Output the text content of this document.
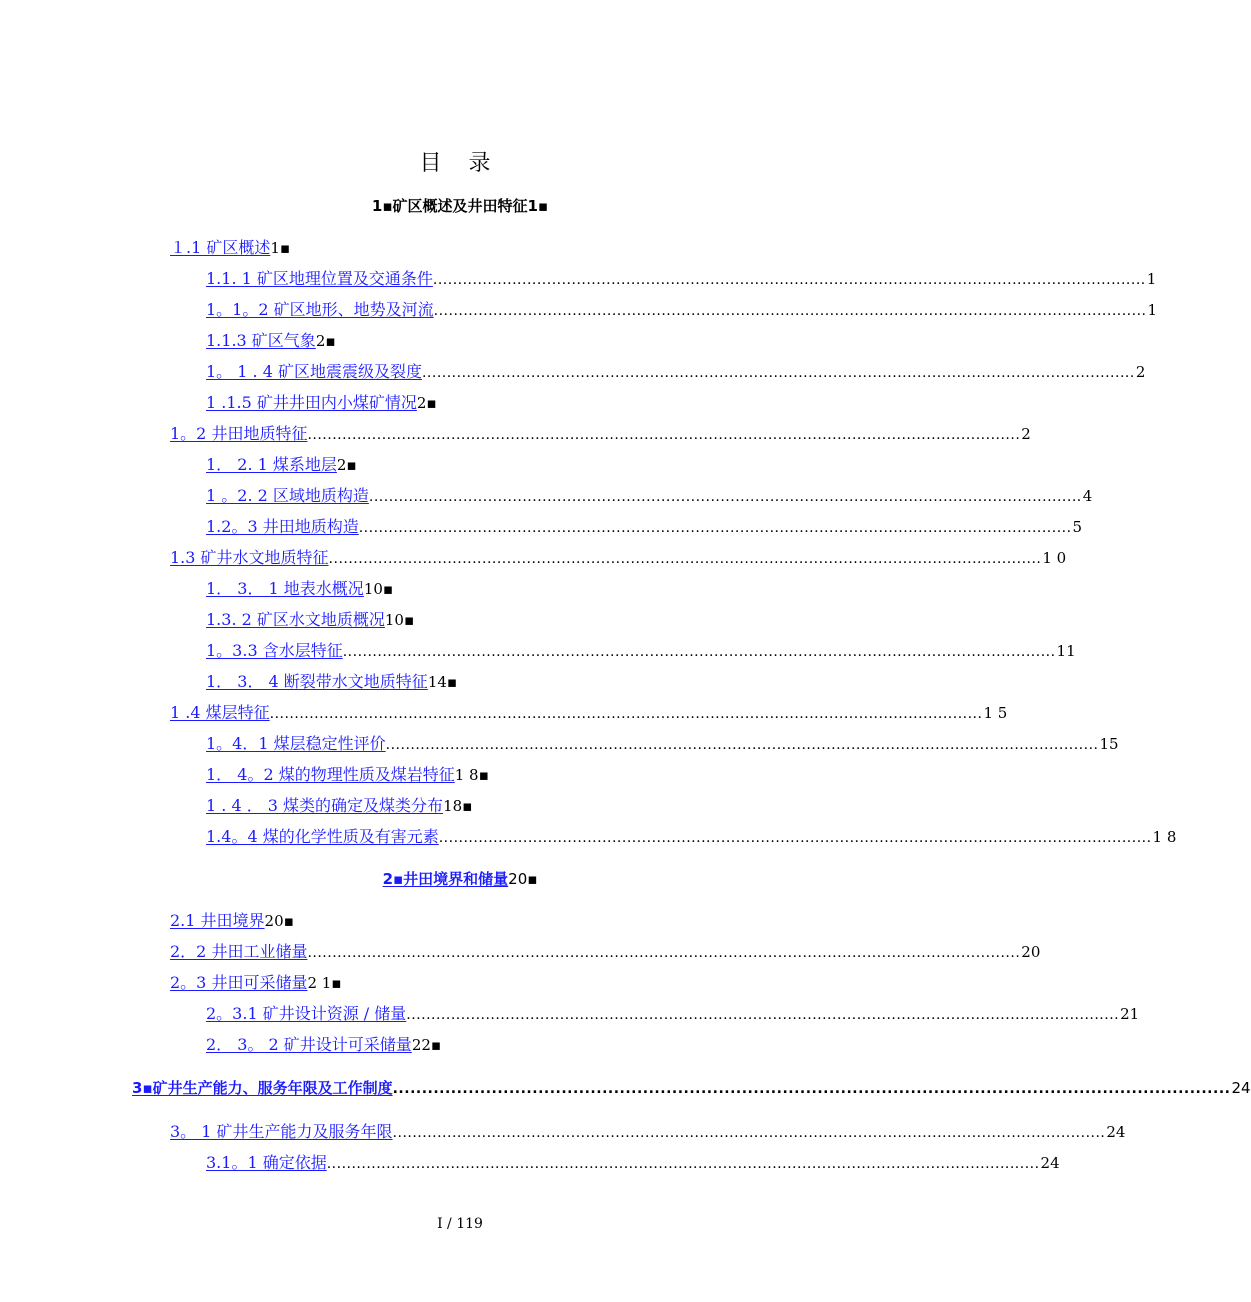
目 录
1▪矿区概述及井田特征1▪
１.1 矿区概述 1▪
1.1. 1 矿区地理位置及交通条件 ................................................................................................................................................ 1
1。1。2 矿区地形、地势及河流 ................................................................................................................................................ 1
1.1.3 矿区气象 2▪
1。 1 . 4 矿区地震震级及裂度 ................................................................................................................................................ 2
1 .1.5 矿井井田内小煤矿情况 2▪
1。2 井田地质特征 ................................................................................................................................................ 2
1． 2. 1 煤系地层 2▪
1 。2. 2 区域地质构造 ................................................................................................................................................ 4
1.2。3 井田地质构造 ................................................................................................................................................ 5
1.3 矿井水文地质特征 ................................................................................................................................................ 1 0
1． 3． 1 地表水概况 10▪
1.3. 2 矿区水文地质概况 10▪
1。3.3 含水层特征 ................................................................................................................................................ 11
1． 3． 4 断裂带水文地质特征 14▪
1 .4 煤层特征 ................................................................................................................................................ 1 5
1。4．1 煤层稳定性评价 ................................................................................................................................................ 15
1． 4。2 煤的物理性质及煤岩特征 1 8▪
1 . 4 ． 3 煤类的确定及煤类分布 18▪
1.4。4 煤的化学性质及有害元素 ................................................................................................................................................ 1 8
2▪井田境界和储量 20▪
2.1 井田境界 20▪
2．2 井田工业储量 ................................................................................................................................................ 20
2。3 井田可采储量 2 1▪
2。3.1 矿井设计资源 / 储量 ................................................................................................................................................ 21
2． 3。 2 矿井设计可采储量 22▪
3▪矿井生产能力、服务年限及工作制度 ................................................................................................................................................ 24
3。 1 矿井生产能力及服务年限 ................................................................................................................................................ 24
3.1。1 确定依据 ................................................................................................................................................ 24
I / 119
